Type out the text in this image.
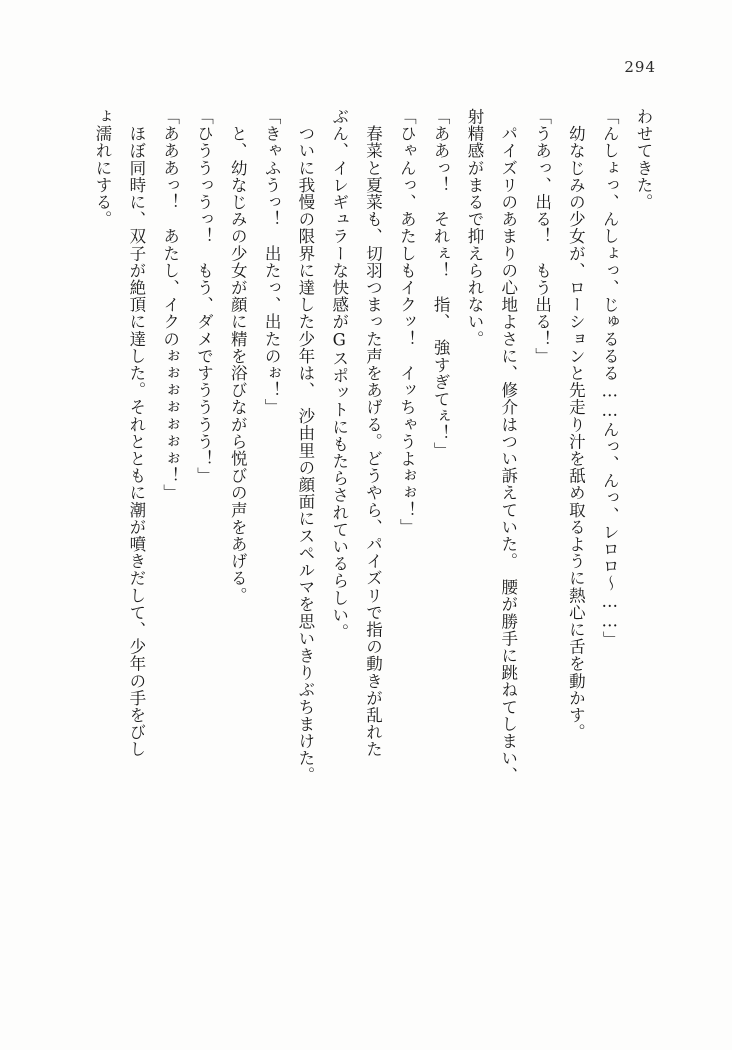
294
わせてきた。
「んしょっ、んしょっ、じゅるるる……んっ、んっ、レロロ～……」
　幼なじみの少女が、ローションと先走り汁を舐め取るように熱心に舌を動かす。
「うあっ、出る！　もう出る！」
　パイズリのあまりの心地よさに、修介はつい訴えていた。　腰が勝手に跳ねてしまい、
射精感がまるで抑えられない。
「ああっ！　それぇ！　指、　強すぎてぇ！」
「ひゃんっ、あたしもイクッ！　イッちゃうよぉぉ！」
　春菜と夏菜も、切羽つまった声をあげる。どうやら、パイズリで指の動きが乱れた
ぶん、イレギュラーな快感がGスポットにもたらされているらしい。
　ついに我慢の限界に達した少年は、　沙由里の顔面にスペルマを思いきりぶちまけた。
「きゃふうっ！　出たっ、出たのぉ！」
　と、幼なじみの少女が顔に精を浴びながら悦びの声をあげる。
「ひううっうっ！　もう、ダメですうううう！」
「あああっ！　あたし、イクのぉぉぉぉぉぉぉ！」
　ほぼ同時に、双子が絶頂に達した。それとともに潮が噴きだして、少年の手をびし
ょ濡れにする。
